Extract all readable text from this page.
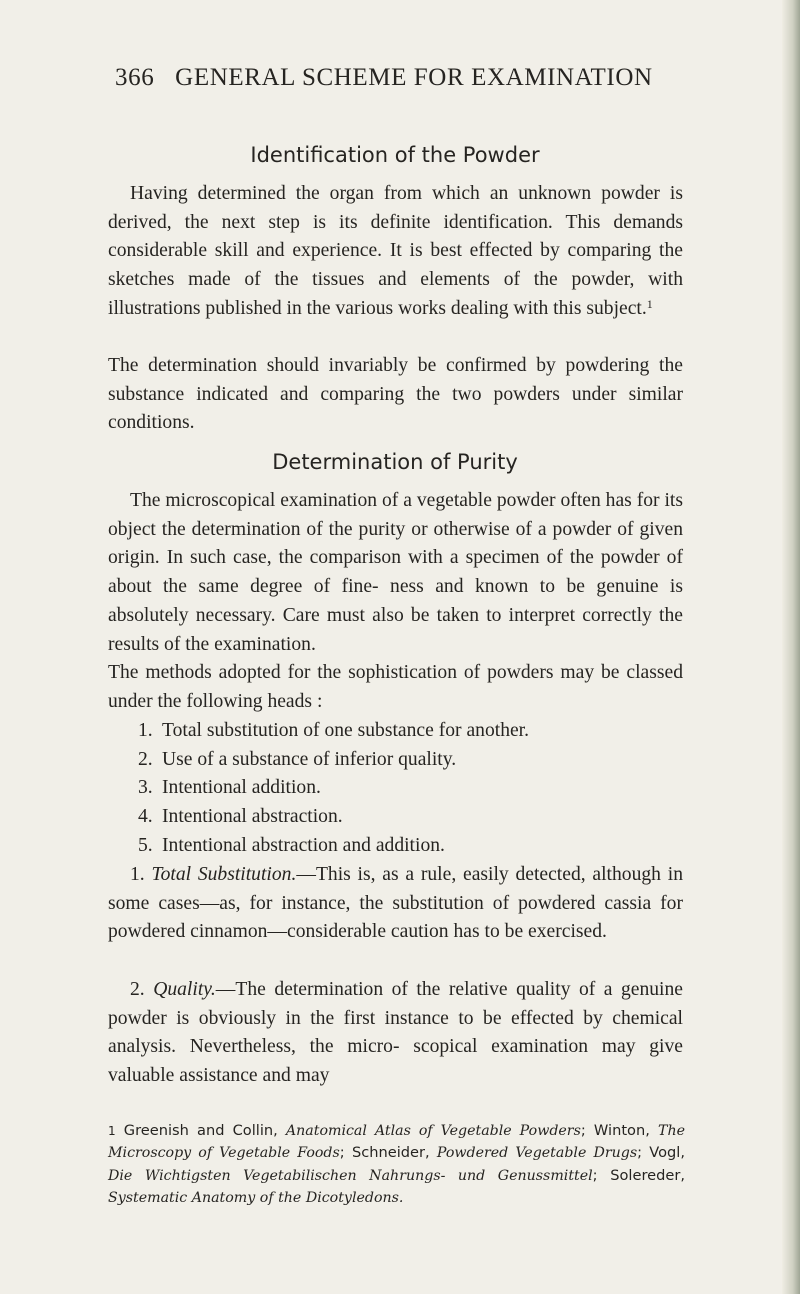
366 GENERAL SCHEME FOR EXAMINATION
Identification of the Powder

Having determined the organ from which an unknown powder is derived, the next step is its definite identification. This demands considerable skill and experience. It is best effected by comparing the sketches made of the tissues and elements of the powder, with illustrations published in the various works dealing with this subject.$^1$

The determination should invariably be confirmed by powdering the substance indicated and comparing the two powders under similar conditions.

Determination of Purity

The microscopical examination of a vegetable powder often has for its object the determination of the purity or otherwise of a powder of given origin. In such case, the comparison with a specimen of the powder of about the same degree of fine- ness and known to be genuine is absolutely necessary. Care must also be taken to interpret correctly the results of the examination.

The methods adopted for the sophistication of powders may be classed under the following heads :

1. Total substitution of one substance for another.
2. Use of a substance of inferior quality.
3. Intentional addition.
4. Intentional abstraction.
5. Intentional abstraction and addition.

1. Total Substitution.—This is, as a rule, easily detected, although in some cases—as, for instance, the substitution of powdered cassia for powdered cinnamon—considerable caution has to be exercised.

2. Quality.—The determination of the relative quality of a genuine powder is obviously in the first instance to be effected by chemical analysis. Nevertheless, the micro- scopical examination may give valuable assistance and may

1 Greenish and Collin, Anatomical Atlas of Vegetable Powders; Winton, The Microscopy of Vegetable Foods; Schneider, Powdered Vegetable Drugs; Vogl, Die Wichtigsten Vegetabilischen Nahrungs- und Genussmittel; Solereder, Systematic Anatomy of the Dicotyledons.
